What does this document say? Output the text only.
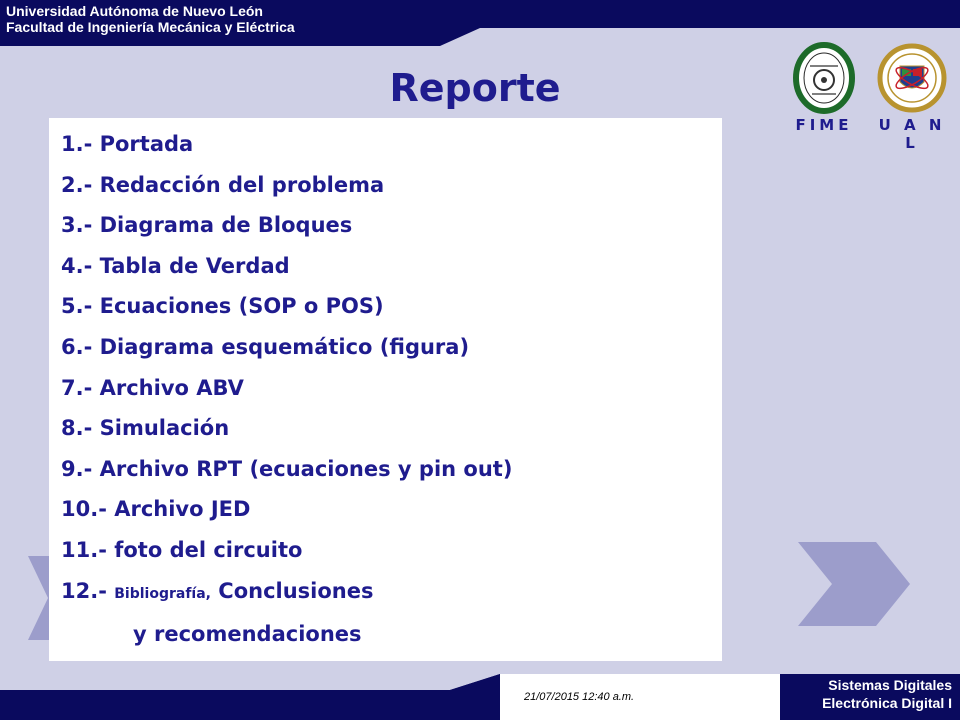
Universidad Autónoma de Nuevo León
Facultad de Ingeniería Mecánica y Eléctrica
Reporte
FIME	U A N L
1.- Portada
2.- Redacción del problema
3.- Diagrama de Bloques
4.- Tabla de Verdad
5.- Ecuaciones (SOP o POS)
6.- Diagrama esquemático (figura)
7.- Archivo ABV
8.- Simulación
9.- Archivo RPT (ecuaciones y pin out)
10.- Archivo JED
11.- foto del circuito
12.- Bibliografía, Conclusiones
y recomendaciones
21/07/2015 12:40 a.m.
Sistemas Digitales
Electrónica Digital I
